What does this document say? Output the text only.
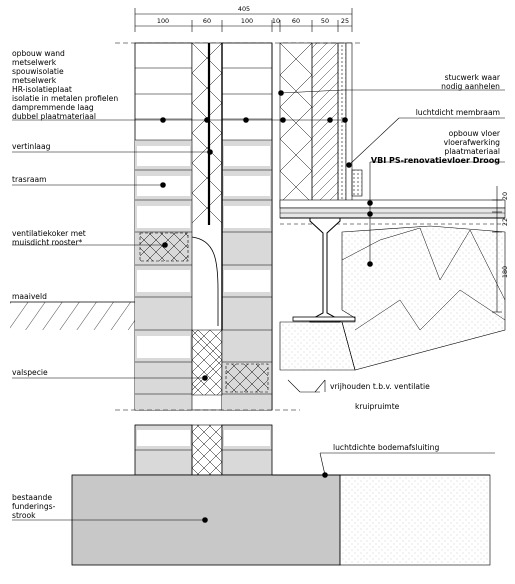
405
100	60	100	10 60	50 25
20
22
180
opbouw wand
metselwerk
spouwisolatie
metselwerk
HR-isolatieplaat
isolatie in metalen profielen
dampremmende laag
dubbel plaatmateriaal
vertinlaag
trasraam
ventilatiekoker met
muisdicht rooster*
maaiveld
valspecie
bestaande
funderings-
strook
stucwerk waar
nodig aanhelen
luchtdicht membraam
opbouw vloer
vloerafwerking
plaatmateriaal
VBI PS-renovatievloer Droog
vrijhouden t.b.v. ventilatie
kruipruimte
luchtdichte bodemafsluiting
